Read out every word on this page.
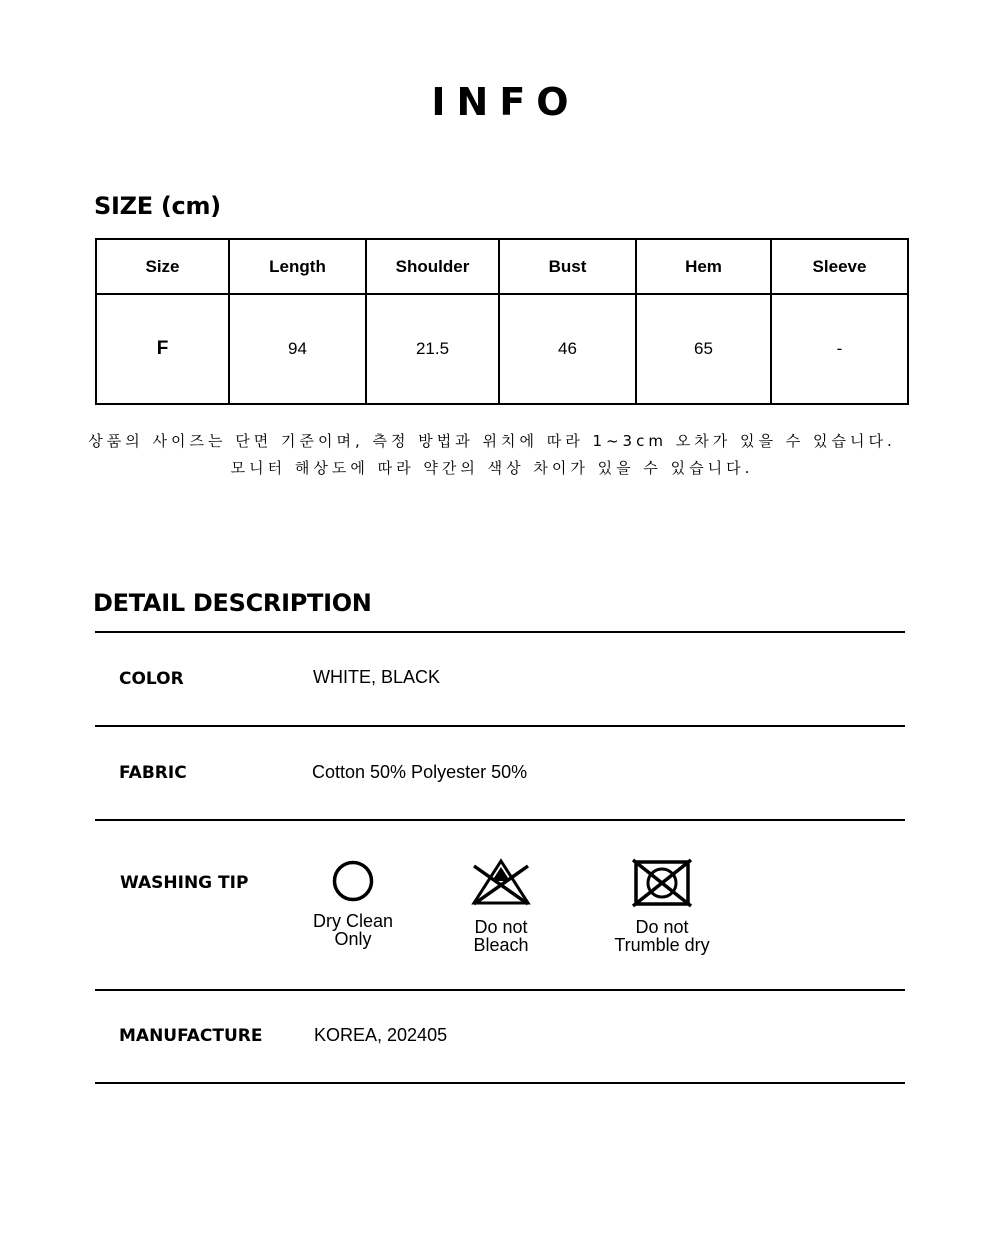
INFO
SIZE (cm)
Size	Length	Shoulder	Bust	Hem	Sleeve
F	94	21.5	46	65	-
상품의 사이즈는 단면 기준이며, 측정 방법과 위치에 따라 1~3cm 오차가 있을 수 있습니다.
모니터 해상도에 따라 약간의 색상 차이가 있을 수 있습니다.
DETAIL DESCRIPTION
COLOR	WHITE, BLACK
FABRIC	Cotton 50% Polyester 50%
WASHING TIP
Dry Clean
Only
Do not
Bleach
Do not
Trumble dry
MANUFACTURE	KOREA, 202405
